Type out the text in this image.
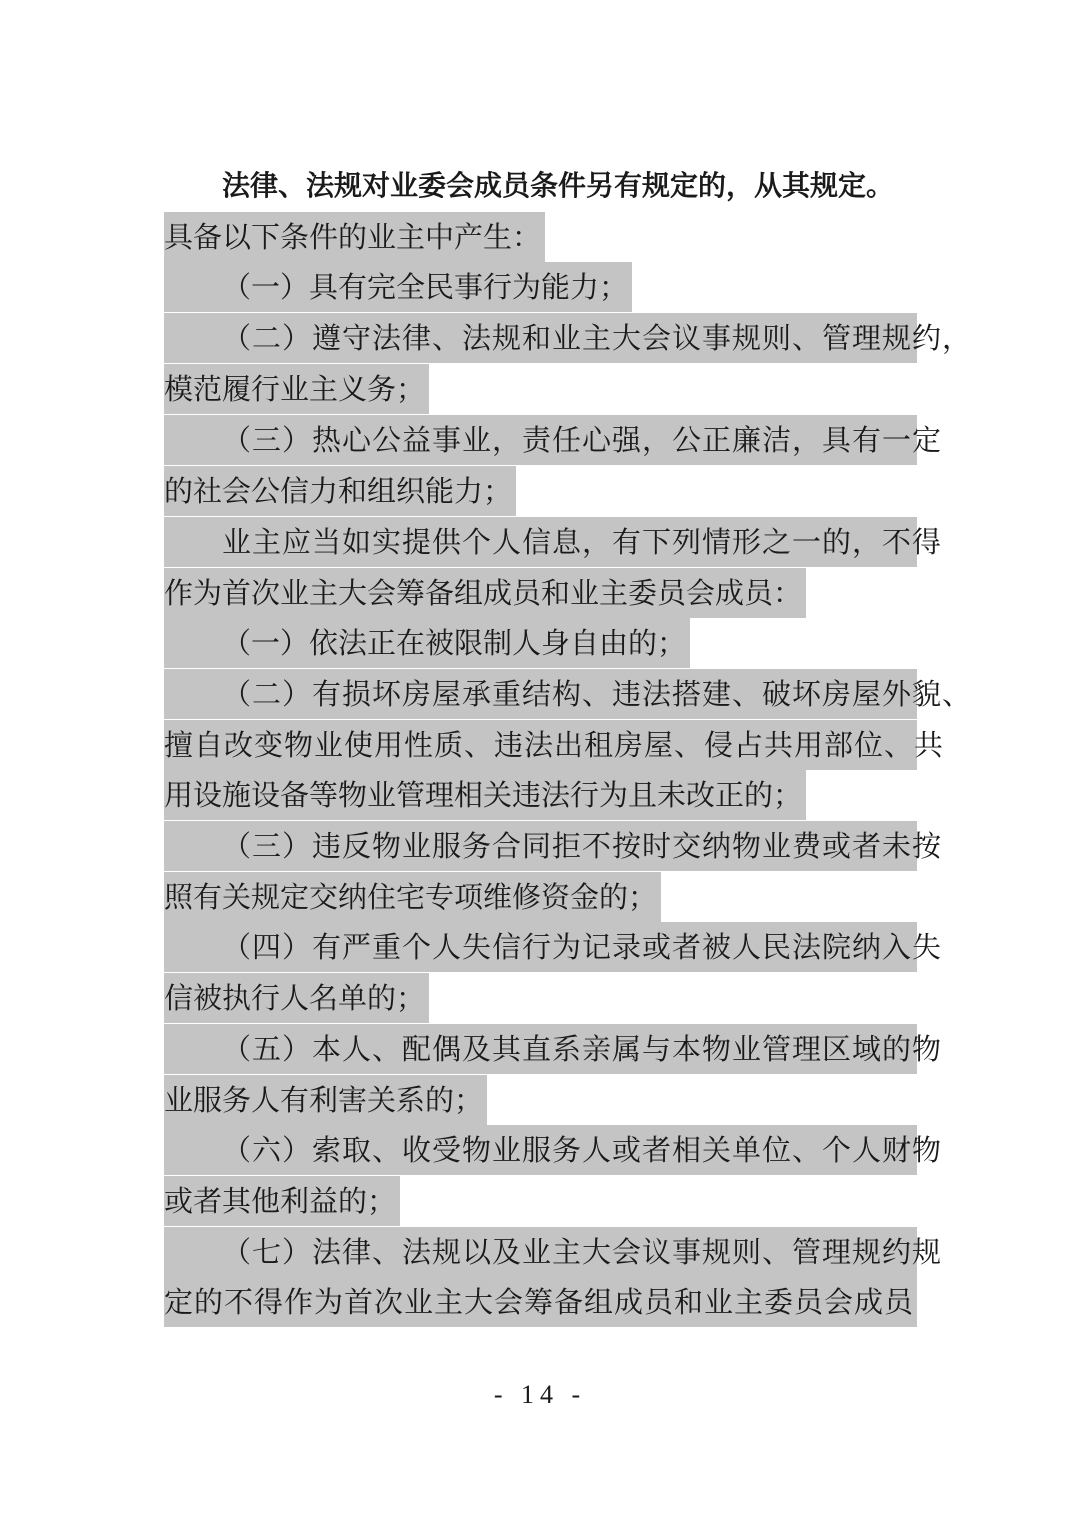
法律、法规对业委会成员条件另有规定的，从其规定。
具备以下条件的业主中产生：
（一）具有完全民事行为能力；
（二）遵守法律、法规和业主大会议事规则、管理规约，
模范履行业主义务；
（三）热心公益事业，责任心强，公正廉洁，具有一定
的社会公信力和组织能力；
业主应当如实提供个人信息，有下列情形之一的，不得
作为首次业主大会筹备组成员和业主委员会成员：
（一）依法正在被限制人身自由的；
（二）有损坏房屋承重结构、违法搭建、破坏房屋外貌、
擅自改变物业使用性质、违法出租房屋、侵占共用部位、共
用设施设备等物业管理相关违法行为且未改正的；
（三）违反物业服务合同拒不按时交纳物业费或者未按
照有关规定交纳住宅专项维修资金的；
（四）有严重个人失信行为记录或者被人民法院纳入失
信被执行人名单的；
（五）本人、配偶及其直系亲属与本物业管理区域的物
业服务人有利害关系的；
（六）索取、收受物业服务人或者相关单位、个人财物
或者其他利益的；
（七）法律、法规以及业主大会议事规则、管理规约规
定的不得作为首次业主大会筹备组成员和业主委员会成员
- 14 -
